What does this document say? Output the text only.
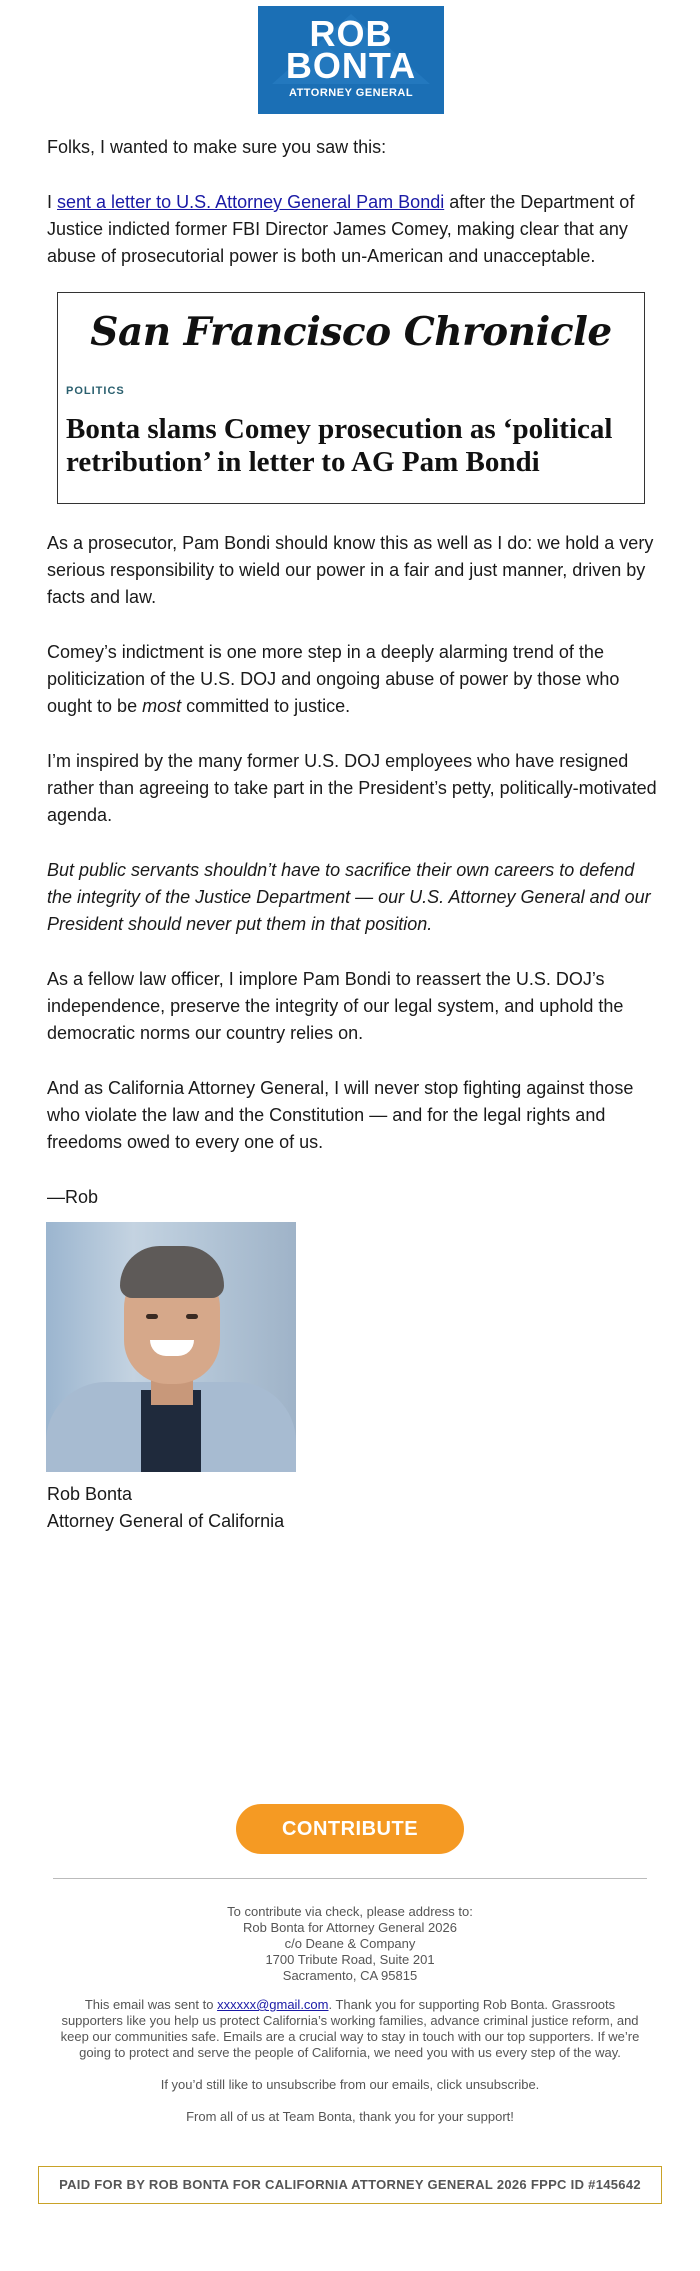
ROB
BONTA
ATTORNEY GENERAL
Folks, I wanted to make sure you saw this:
I sent a letter to U.S. Attorney General Pam Bondi after the Department of Justice indicted former FBI Director James Comey, making clear that any abuse of prosecutorial power is both un-American and unacceptable.
San Francisco Chronicle
POLITICS
Bonta slams Comey prosecution as ‘political retribution’ in letter to AG Pam Bondi
As a prosecutor, Pam Bondi should know this as well as I do: we hold a very serious responsibility to wield our power in a fair and just manner, driven by facts and law.
Comey’s indictment is one more step in a deeply alarming trend of the politicization of the U.S. DOJ and ongoing abuse of power by those who ought to be most committed to justice.
I’m inspired by the many former U.S. DOJ employees who have resigned rather than agreeing to take part in the President’s petty, politically-motivated agenda.
But public servants shouldn’t have to sacrifice their own careers to defend the integrity of the Justice Department — our U.S. Attorney General and our President should never put them in that position.
As a fellow law officer, I implore Pam Bondi to reassert the U.S. DOJ’s independence, preserve the integrity of our legal system, and uphold the democratic norms our country relies on.
And as California Attorney General, I will never stop fighting against those who violate the law and the Constitution — and for the legal rights and freedoms owed to every one of us.
—Rob
Rob Bonta
Attorney General of California
CONTRIBUTE
To contribute via check, please address to:
Rob Bonta for Attorney General 2026
c/o Deane & Company
1700 Tribute Road, Suite 201
Sacramento, CA 95815
This email was sent to xxxxxx@gmail.com. Thank you for supporting Rob Bonta. Grassroots supporters like you help us protect California’s working families, advance criminal justice reform, and keep our communities safe. Emails are a crucial way to stay in touch with our top supporters. If we’re going to protect and serve the people of California, we need you with us every step of the way.
If you’d still like to unsubscribe from our emails, click unsubscribe.
From all of us at Team Bonta, thank you for your support!
PAID FOR BY ROB BONTA FOR CALIFORNIA ATTORNEY GENERAL 2026 FPPC ID #145642
